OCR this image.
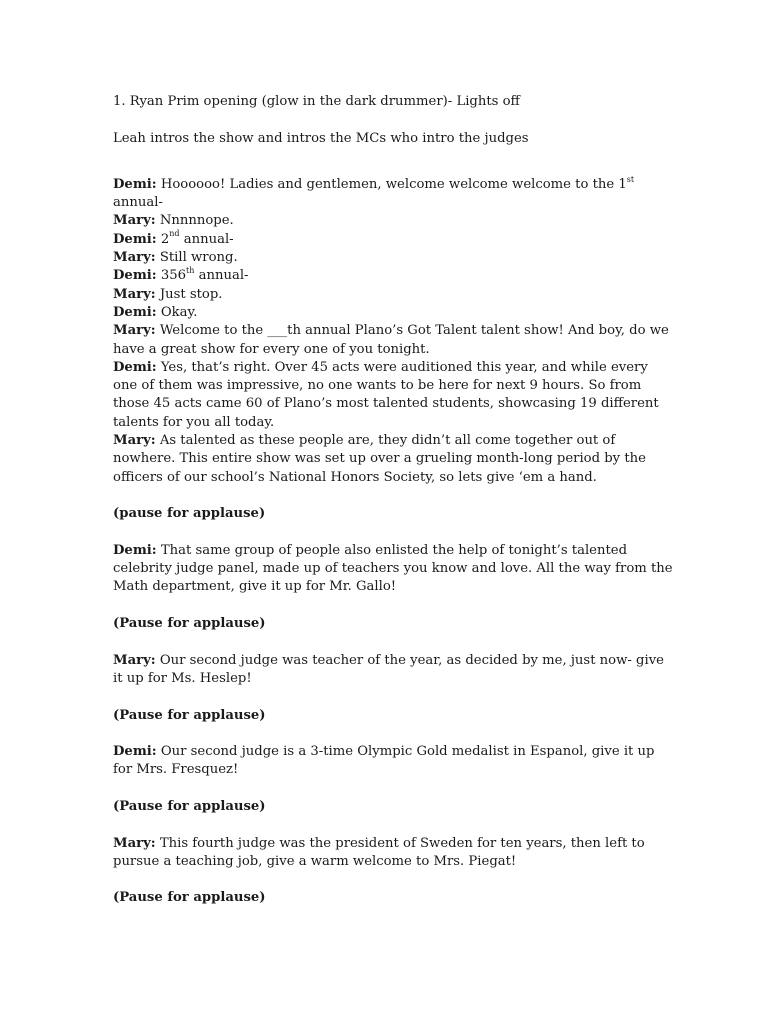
1. Ryan Prim opening (glow in the dark drummer)- Lights off

Leah intros the show and intros the MCs who intro the judges

Demi: Hoooooo! Ladies and gentlemen, welcome welcome welcome to the 1st
annual-

Mary: Nnnnnope.

Demi: 2nd annual-

Mary: Still wrong.

Demi: 356th annual-

Mary: Just stop.

Demi: Okay.

Mary: Welcome to the ___th annual Plano’s Got Talent talent show! And boy, do we have a great show for every one of you tonight.

Demi: Yes, that’s right. Over 45 acts were auditioned this year, and while every one of them was impressive, no one wants to be here for next 9 hours. So from those 45 acts came 60 of Plano’s most talented students, showcasing 19 different talents for you all today.

Mary: As talented as these people are, they didn’t all come together out of nowhere. This entire show was set up over a grueling month-long period by the officers of our school’s National Honors Society, so lets give ‘em a hand.

(pause for applause)

Demi: That same group of people also enlisted the help of tonight’s talented celebrity judge panel, made up of teachers you know and love. All the way from the Math department, give it up for Mr. Gallo!

(Pause for applause)

Mary: Our second judge was teacher of the year, as decided by me, just now- give it up for Ms. Heslep!

(Pause for applause)

Demi: Our second judge is a 3-time Olympic Gold medalist in Espanol, give it up for Mrs. Fresquez!

(Pause for applause)

Mary: This fourth judge was the president of Sweden for ten years, then left to pursue a teaching job, give a warm welcome to Mrs. Piegat!

(Pause for applause)
